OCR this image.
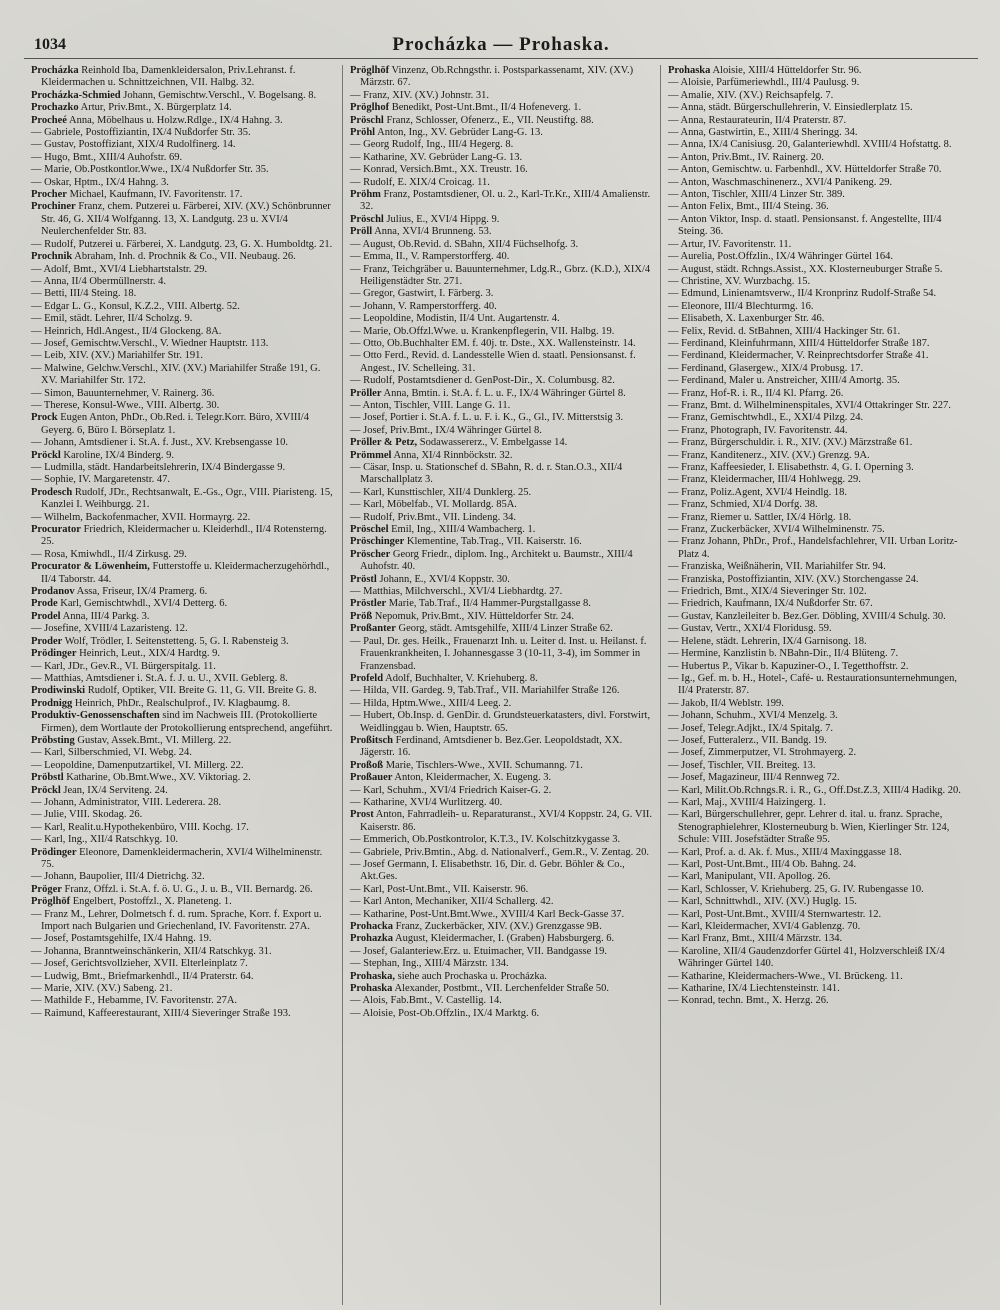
1034	Procházka — Prohaska.

Procházka Reinhold Iba, Damenkleidersalon, Priv.Lehranst. f. Kleidermachen u. Schnittzeichnen, VII. Halbg. 32.

Procházka-Schmied Johann, Gemischtw.Verschl., V. Bogelsang. 8.

Prochazko Artur, Priv.Bmt., X. Bürgerplatz 14.

Procheé Anna, Möbelhaus u. Holzw.Rdlge., IX/4 Hahng. 3.

— Gabriele, Postoffiziantin, IX/4 Nußdorfer Str. 35.

— Gustav, Postoffiziant, XIX/4 Rudolfinerg. 14.

— Hugo, Bmt., XIII/4 Auhofstr. 69.

— Marie, Ob.Postkontlor.Wwe., IX/4 Nußdorfer Str. 35.

— Oskar, Hptm., IX/4 Hahng. 3.

Procher Michael, Kaufmann, IV. Favoritenstr. 17.

Prochiner Franz, chem. Putzerei u. Färberei, XIV. (XV.) Schönbrunner Str. 46, G. XII/4 Wolfganng. 13, X. Landgutg. 23 u. XVI/4 Neulerchenfelder Str. 83.

— Rudolf, Putzerei u. Färberei, X. Landgutg. 23, G. X. Humboldtg. 21.

Prochnik Abraham, Inh. d. Prochnik & Co., VII. Neubaug. 26.

— Adolf, Bmt., XVI/4 Liebhartstalstr. 29.

— Anna, II/4 Obermüllnerstr. 4.

— Betti, III/4 Steing. 18.

— Edgar L. G., Konsul, K.Z.2., VIII. Albertg. 52.

— Emil, städt. Lehrer, II/4 Scholzg. 9.

— Heinrich, Hdl.Angest., II/4 Glockeng. 8A.

— Josef, Gemischtw.Verschl., V. Wiedner Hauptstr. 113.

— Leib, XIV. (XV.) Mariahilfer Str. 191.

— Malwine, Gelchw.Verschl., XIV. (XV.) Mariahilfer Straße 191, G. XV. Mariahilfer Str. 172.

— Simon, Bauunternehmer, V. Rainerg. 36.

— Therese, Konsul-Wwe., VIII. Albertg. 30.

Prock Eugen Anton, PhDr., Ob.Red. i. Telegr.Korr. Büro, XVIII/4 Geyerg. 6, Büro I. Börseplatz 1.

— Johann, Amtsdiener i. St.A. f. Just., XV. Krebsengasse 10.

Pröckl Karoline, IX/4 Binderg. 9.

— Ludmilla, städt. Handarbeitslehrerin, IX/4 Bindergasse 9.

— Sophie, IV. Margaretenstr. 47.

Prodesch Rudolf, JDr., Rechtsanwalt, E.-Gs., Ogr., VIII. Piaristeng. 15, Kanzlei I. Weihburgg. 21.

— Wilhelm, Backofenmacher, XVII. Hormayrg. 22.

Procurator Friedrich, Kleidermacher u. Kleiderhdl., II/4 Rotensterng. 25.

— Rosa, Kmiwhdl., II/4 Zirkusg. 29.

Procurator & Löwenheim, Futterstoffe u. Kleidermacherzugehörhdl., II/4 Taborstr. 44.

Prodanov Assa, Friseur, IX/4 Pramerg. 6.

Prode Karl, Gemischtwhdl., XVI/4 Detterg. 6.

Prodel Anna, III/4 Parkg. 3.

— Josefine, XVIII/4 Lazaristeng. 12.

Proder Wolf, Trödler, I. Seitenstetteng. 5, G. I. Rabensteig 3.

Prödinger Heinrich, Leut., XIX/4 Hardtg. 9.

— Karl, JDr., Gev.R., VI. Bürgerspitalg. 11.

— Matthias, Amtsdiener i. St.A. f. J. u. U., XVII. Geblerg. 8.

Prodiwinski Rudolf, Optiker, VII. Breite G. 11, G. VII. Breite G. 8.

Prodnigg Heinrich, PhDr., Realschulprof., IV. Klagbaumg. 8.

Produktiv-Genossenschaften sind im Nachweis III. (Protokollierte Firmen), dem Wortlaute der Protokollierung entsprechend, angeführt.

Pröbsting Gustav, Assek.Bmt., VI. Millerg. 22.

— Karl, Silberschmied, VI. Webg. 24.

— Leopoldine, Damenputzartikel, VI. Millerg. 22.

Pröbstl Katharine, Ob.Bmt.Wwe., XV. Viktoriag. 2.

Pröckl Jean, IX/4 Serviteng. 24.

— Johann, Administrator, VIII. Lederera. 28.

— Julie, VIII. Skodag. 26.

— Karl, Realit.u.Hypothekenbüro, VIII. Kochg. 17.

— Karl, Ing., XII/4 Ratschkyg. 10.

Prödinger Eleonore, Damenkleidermacherin, XVI/4 Wilhelminenstr. 75.

— Johann, Baupolier, III/4 Dietrichg. 32.

Pröger Franz, Offzl. i. St.A. f. ö. U. G., J. u. B., VII. Bernardg. 26.

Pröglhöf Engelbert, Postoffzl., X. Planeteng. 1.

— Franz M., Lehrer, Dolmetsch f. d. rum. Sprache, Korr. f. Export u. Import nach Bulgarien und Griechenland, IV. Favoritenstr. 27A.

— Josef, Postamtsgehilfe, IX/4 Hahng. 19.

— Johanna, Branntweinschänkerin, XII/4 Ratschkyg. 31.

— Josef, Gerichtsvollzieher, XVII. Elterleinplatz 7.

— Ludwig, Bmt., Briefmarkenhdl., II/4 Praterstr. 64.

— Marie, XIV. (XV.) Sabeng. 21.

— Mathilde F., Hebamme, IV. Favoritenstr. 27A.

— Raimund, Kaffeerestaurant, XIII/4 Sieveringer Straße 193.

Pröglhöf Vinzenz, Ob.Rchngsthr. i. Postsparkassenamt, XIV. (XV.) Märzstr. 67.

— Franz, XIV. (XV.) Johnstr. 31.

Pröglhof Benedikt, Post-Unt.Bmt., II/4 Hofeneverg. 1.

Pröschl Franz, Schlosser, Ofenerz., E., VII. Neustiftg. 88.

Pröhl Anton, Ing., XV. Gebrüder Lang-G. 13.

— Georg Rudolf, Ing., III/4 Hegerg. 8.

— Katharine, XV. Gebrüder Lang-G. 13.

— Konrad, Versich.Bmt., XX. Treustr. 16.

— Rudolf, E. XIX/4 Croicag. 11.

Pröhm Franz, Postamtsdiener, Ol. u. 2., Karl-Tr.Kr., XIII/4 Amalienstr. 32.

Pröschl Julius, E., XVI/4 Hippg. 9.

Pröll Anna, XVI/4 Brunneng. 53.

— August, Ob.Revid. d. SBahn, XII/4 Füchselhofg. 3.

— Emma, II., V. Ramperstorfferg. 40.

— Franz, Teichgräber u. Bauunternehmer, Ldg.R., Gbrz. (K.D.), XIX/4 Heiligenstädter Str. 271.

— Gregor, Gastwirt, I. Färberg. 3.

— Johann, V. Ramperstorfferg. 40.

— Leopoldine, Modistin, II/4 Unt. Augartenstr. 4.

— Marie, Ob.Offzl.Wwe. u. Krankenpflegerin, VII. Halbg. 19.

— Otto, Ob.Buchhalter EM. f. 40j. tr. Dste., XX. Wallensteinstr. 14.

— Otto Ferd., Revid. d. Landesstelle Wien d. staatl. Pensionsanst. f. Angest., IV. Schelleing. 31.

— Rudolf, Postamtsdiener d. GenPost-Dir., X. Columbusg. 82.

Pröller Anna, Bmtin. i. St.A. f. L. u. F., IX/4 Währinger Gürtel 8.

— Anton, Tischler, VIII. Lange G. 11.

— Josef, Portier i. St.A. f. L. u. F. i. K., G., Gl., IV. Mitterstsig 3.

— Josef, Priv.Bmt., IX/4 Währinger Gürtel 8.

Pröller & Petz, Sodawassererz., V. Embelgasse 14.

Prömmel Anna, XI/4 Rinnböckstr. 32.

— Cäsar, Insp. u. Stationschef d. SBahn, R. d. r. Stan.O.3., XII/4 Marschallplatz 3.

— Karl, Kunsttischler, XII/4 Dunklerg. 25.

— Karl, Möbelfab., VI. Mollardg. 85A.

— Rudolf, Priv.Bmt., VII. Lindeng. 34.

Pröschel Emil, Ing., XIII/4 Wambacherg. 1.

Pröschinger Klementine, Tab.Trag., VII. Kaiserstr. 16.

Pröscher Georg Friedr., diplom. Ing., Architekt u. Baumstr., XIII/4 Auhofstr. 40.

Pröstl Johann, E., XVI/4 Koppstr. 30.

— Matthias, Milchverschl., XVI/4 Liebhardtg. 27.

Pröstler Marie, Tab.Traf., II/4 Hammer-Purgstallgasse 8.

Pröß Nepomuk, Priv.Bmt., XIV. Hütteldorfer Str. 24.

Proßanter Georg, städt. Amtsgehilfe, XIII/4 Linzer Straße 62.

— Paul, Dr. ges. Heilk., Frauenarzt Inh. u. Leiter d. Inst. u. Heilanst. f. Frauenkrankheiten, I. Johannesgasse 3 (10-11, 3-4), im Sommer in Franzensbad.

Profeld Adolf, Buchhalter, V. Kriehuberg. 8.

— Hilda, VII. Gardeg. 9, Tab.Traf., VII. Mariahilfer Straße 126.

— Hilda, Hptm.Wwe., XIII/4 Leeg. 2.

— Hubert, Ob.Insp. d. GenDir. d. Grundsteuerkatasters, divl. Forstwirt, Weidlinggau b. Wien, Hauptstr. 65.

Proßitsch Ferdinand, Amtsdiener b. Bez.Ger. Leopoldstadt, XX. Jägerstr. 16.

Proßoß Marie, Tischlers-Wwe., XVII. Schumanng. 71.

Proßauer Anton, Kleidermacher, X. Eugeng. 3.

— Karl, Schuhm., XVI/4 Friedrich Kaiser-G. 2.

— Katharine, XVI/4 Wurlitzerg. 40.

Prost Anton, Fahrradleih- u. Reparaturanst., XVI/4 Koppstr. 24, G. VII. Kaiserstr. 86.

— Emmerich, Ob.Postkontrolor, K.T.3., IV. Kolschitzkygasse 3.

— Gabriele, Priv.Bmtin., Abg. d. Nationalverf., Gem.R., V. Zentag. 20.

— Josef Germann, I. Elisabethstr. 16, Dir. d. Gebr. Böhler & Co., Akt.Ges.

— Karl, Post-Unt.Bmt., VII. Kaiserstr. 96.

— Karl Anton, Mechaniker, XII/4 Schallerg. 42.

— Katharine, Post-Unt.Bmt.Wwe., XVIII/4 Karl Beck-Gasse 37.

Prohacka Franz, Zuckerbäcker, XIV. (XV.) Grenzgasse 9B.

Prohazka August, Kleidermacher, I. (Graben) Habsburgerg. 6.

— Josef, Galanteriew.Erz. u. Etuimacher, VII. Bandgasse 19.

— Stephan, Ing., XIII/4 Märzstr. 134.

Prohaska, siehe auch Prochaska u. Procházka.

Prohaska Alexander, Postbmt., VII. Lerchenfelder Straße 50.

— Alois, Fab.Bmt., V. Castellig. 14.

— Aloisie, Post-Ob.Offzlin., IX/4 Marktg. 6.

Prohaska Aloisie, XIII/4 Hütteldorfer Str. 96.

— Aloisie, Parfümeriewhdl., III/4 Paulusg. 9.

— Amalie, XIV. (XV.) Reichsapfelg. 7.

— Anna, städt. Bürgerschullehrerin, V. Einsiedlerplatz 15.

— Anna, Restaurateurin, II/4 Praterstr. 87.

— Anna, Gastwirtin, E., XIII/4 Sheringg. 34.

— Anna, IX/4 Canisiusg. 20, Galanteriewhdl. XVIII/4 Hofstattg. 8.

— Anton, Priv.Bmt., IV. Rainerg. 20.

— Anton, Gemischtw. u. Farbenhdl., XV. Hütteldorfer Straße 70.

— Anton, Waschmaschinenerz., XVI/4 Panikeng. 29.

— Anton, Tischler, XIII/4 Linzer Str. 389.

— Anton Felix, Bmt., III/4 Steing. 36.

— Anton Viktor, Insp. d. staatl. Pensionsanst. f. Angestellte, III/4 Steing. 36.

— Artur, IV. Favoritenstr. 11.

— Aurelia, Post.Offzlin., IX/4 Währinger Gürtel 164.

— August, städt. Rchngs.Assist., XX. Klosterneuburger Straße 5.

— Christine, XV. Wurzbachg. 15.

— Edmund, Linienamtsverw., II/4 Kronprinz Rudolf-Straße 54.

— Eleonore, III/4 Blechturmg. 16.

— Elisabeth, X. Laxenburger Str. 46.

— Felix, Revid. d. StBahnen, XIII/4 Hackinger Str. 61.

— Ferdinand, Kleinfuhrmann, XIII/4 Hütteldorfer Straße 187.

— Ferdinand, Kleidermacher, V. Reinprechtsdorfer Straße 41.

— Ferdinand, Glasergew., XIX/4 Probusg. 17.

— Ferdinand, Maler u. Anstreicher, XIII/4 Amortg. 35.

— Franz, Hof-R. i. R., II/4 Kl. Pfarrg. 26.

— Franz, Bmt. d. Wilhelminenspitales, XVI/4 Ottakringer Str. 227.

— Franz, Gemischtwhdl., E., XXI/4 Pilzg. 24.

— Franz, Photograph, IV. Favoritenstr. 44.

— Franz, Bürgerschuldir. i. R., XIV. (XV.) Märzstraße 61.

— Franz, Kanditenerz., XIV. (XV.) Grenzg. 9A.

— Franz, Kaffeesieder, I. Elisabethstr. 4, G. I. Operning 3.

— Franz, Kleidermacher, III/4 Hohlwegg. 29.

— Franz, Poliz.Agent, XVI/4 Heindlg. 18.

— Franz, Schmied, XI/4 Dorfg. 38.

— Franz, Riemer u. Sattler, IX/4 Hörlg. 18.

— Franz, Zuckerbäcker, XVI/4 Wilhelminenstr. 75.

— Franz Johann, PhDr., Prof., Handelsfachlehrer, VII. Urban Loritz-Platz 4.

— Franziska, Weißnäherin, VII. Mariahilfer Str. 94.

— Franziska, Postoffiziantin, XIV. (XV.) Storchengasse 24.

— Friedrich, Bmt., XIX/4 Sieveringer Str. 102.

— Friedrich, Kaufmann, IX/4 Nußdorfer Str. 67.

— Gustav, Kanzleileiter b. Bez.Ger. Döbling, XVIII/4 Schulg. 30.

— Gustav, Vertr., XXI/4 Floridusg. 59.

— Helene, städt. Lehrerin, IX/4 Garnisong. 18.

— Hermine, Kanzlistin b. NBahn-Dir., II/4 Blüteng. 7.

— Hubertus P., Vikar b. Kapuziner-O., I. Tegetthoffstr. 2.

— Ig., Gef. m. b. H., Hotel-, Café- u. Restaurationsunternehmungen, II/4 Praterstr. 87.

— Jakob, II/4 Weblstr. 199.

— Johann, Schuhm., XVI/4 Menzelg. 3.

— Josef, Telegr.Adjkt., IX/4 Spitalg. 7.

— Josef, Futteralerz., VII. Bandg. 19.

— Josef, Zimmerputzer, VI. Strohmayerg. 2.

— Josef, Tischler, VII. Breiteg. 13.

— Josef, Magazineur, III/4 Rennweg 72.

— Karl, Milit.Ob.Rchngs.R. i. R., G., Off.Dst.Z.3, XIII/4 Hadikg. 20.

— Karl, Maj., XVIII/4 Haizingerg. 1.

— Karl, Bürgerschullehrer, gepr. Lehrer d. ital. u. franz. Sprache, Stenographielehrer, Klosterneuburg b. Wien, Kierlinger Str. 124, Schule: VIII. Josefstädter Straße 95.

— Karl, Prof. a. d. Ak. f. Mus., XIII/4 Maxinggasse 18.

— Karl, Post-Unt.Bmt., III/4 Ob. Bahng. 24.

— Karl, Manipulant, VII. Apollog. 26.

— Karl, Schlosser, V. Kriehuberg. 25, G. IV. Rubengasse 10.

— Karl, Schnittwhdl., XIV. (XV.) Huglg. 15.

— Karl, Post-Unt.Bmt., XVIII/4 Sternwartestr. 12.

— Karl, Kleidermacher, XVI/4 Gablenzg. 70.

— Karl Franz, Bmt., XIII/4 Märzstr. 134.

— Karoline, XII/4 Gaudenzdorfer Gürtel 41, Holzverschleiß IX/4 Währinger Gürtel 140.

— Katharine, Kleidermachers-Wwe., VI. Brückeng. 11.

— Katharine, IX/4 Liechtensteinstr. 141.

— Konrad, techn. Bmt., X. Herzg. 26.
